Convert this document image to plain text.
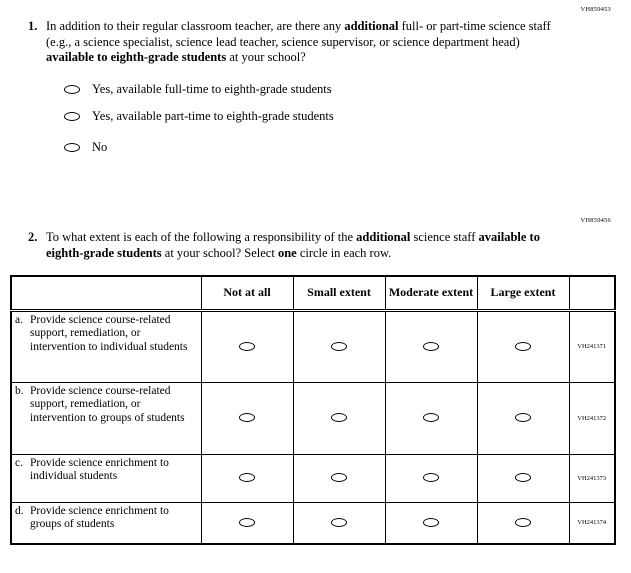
VH859453
1. In addition to their regular classroom teacher, are there any additional full- or part-time science staff (e.g., a science specialist, science lead teacher, science supervisor, or science department head) available to eighth-grade students at your school?

Yes, available full-time to eighth-grade students
Yes, available part-time to eighth-grade students
No
VH859456
2. To what extent is each of the following a responsibility of the additional science staff available to eighth-grade students at your school? Select one circle in each row.

	Not at all	Small extent	Moderate extent	Large extent	

a. Provide science course-related support, remediation, or intervention to individual students					VH241371

b. Provide science course-related support, remediation, or intervention to groups of students					VH241372

c. Provide science enrichment to individual students					VH241373

d. Provide science enrichment to groups of students					VH241374
